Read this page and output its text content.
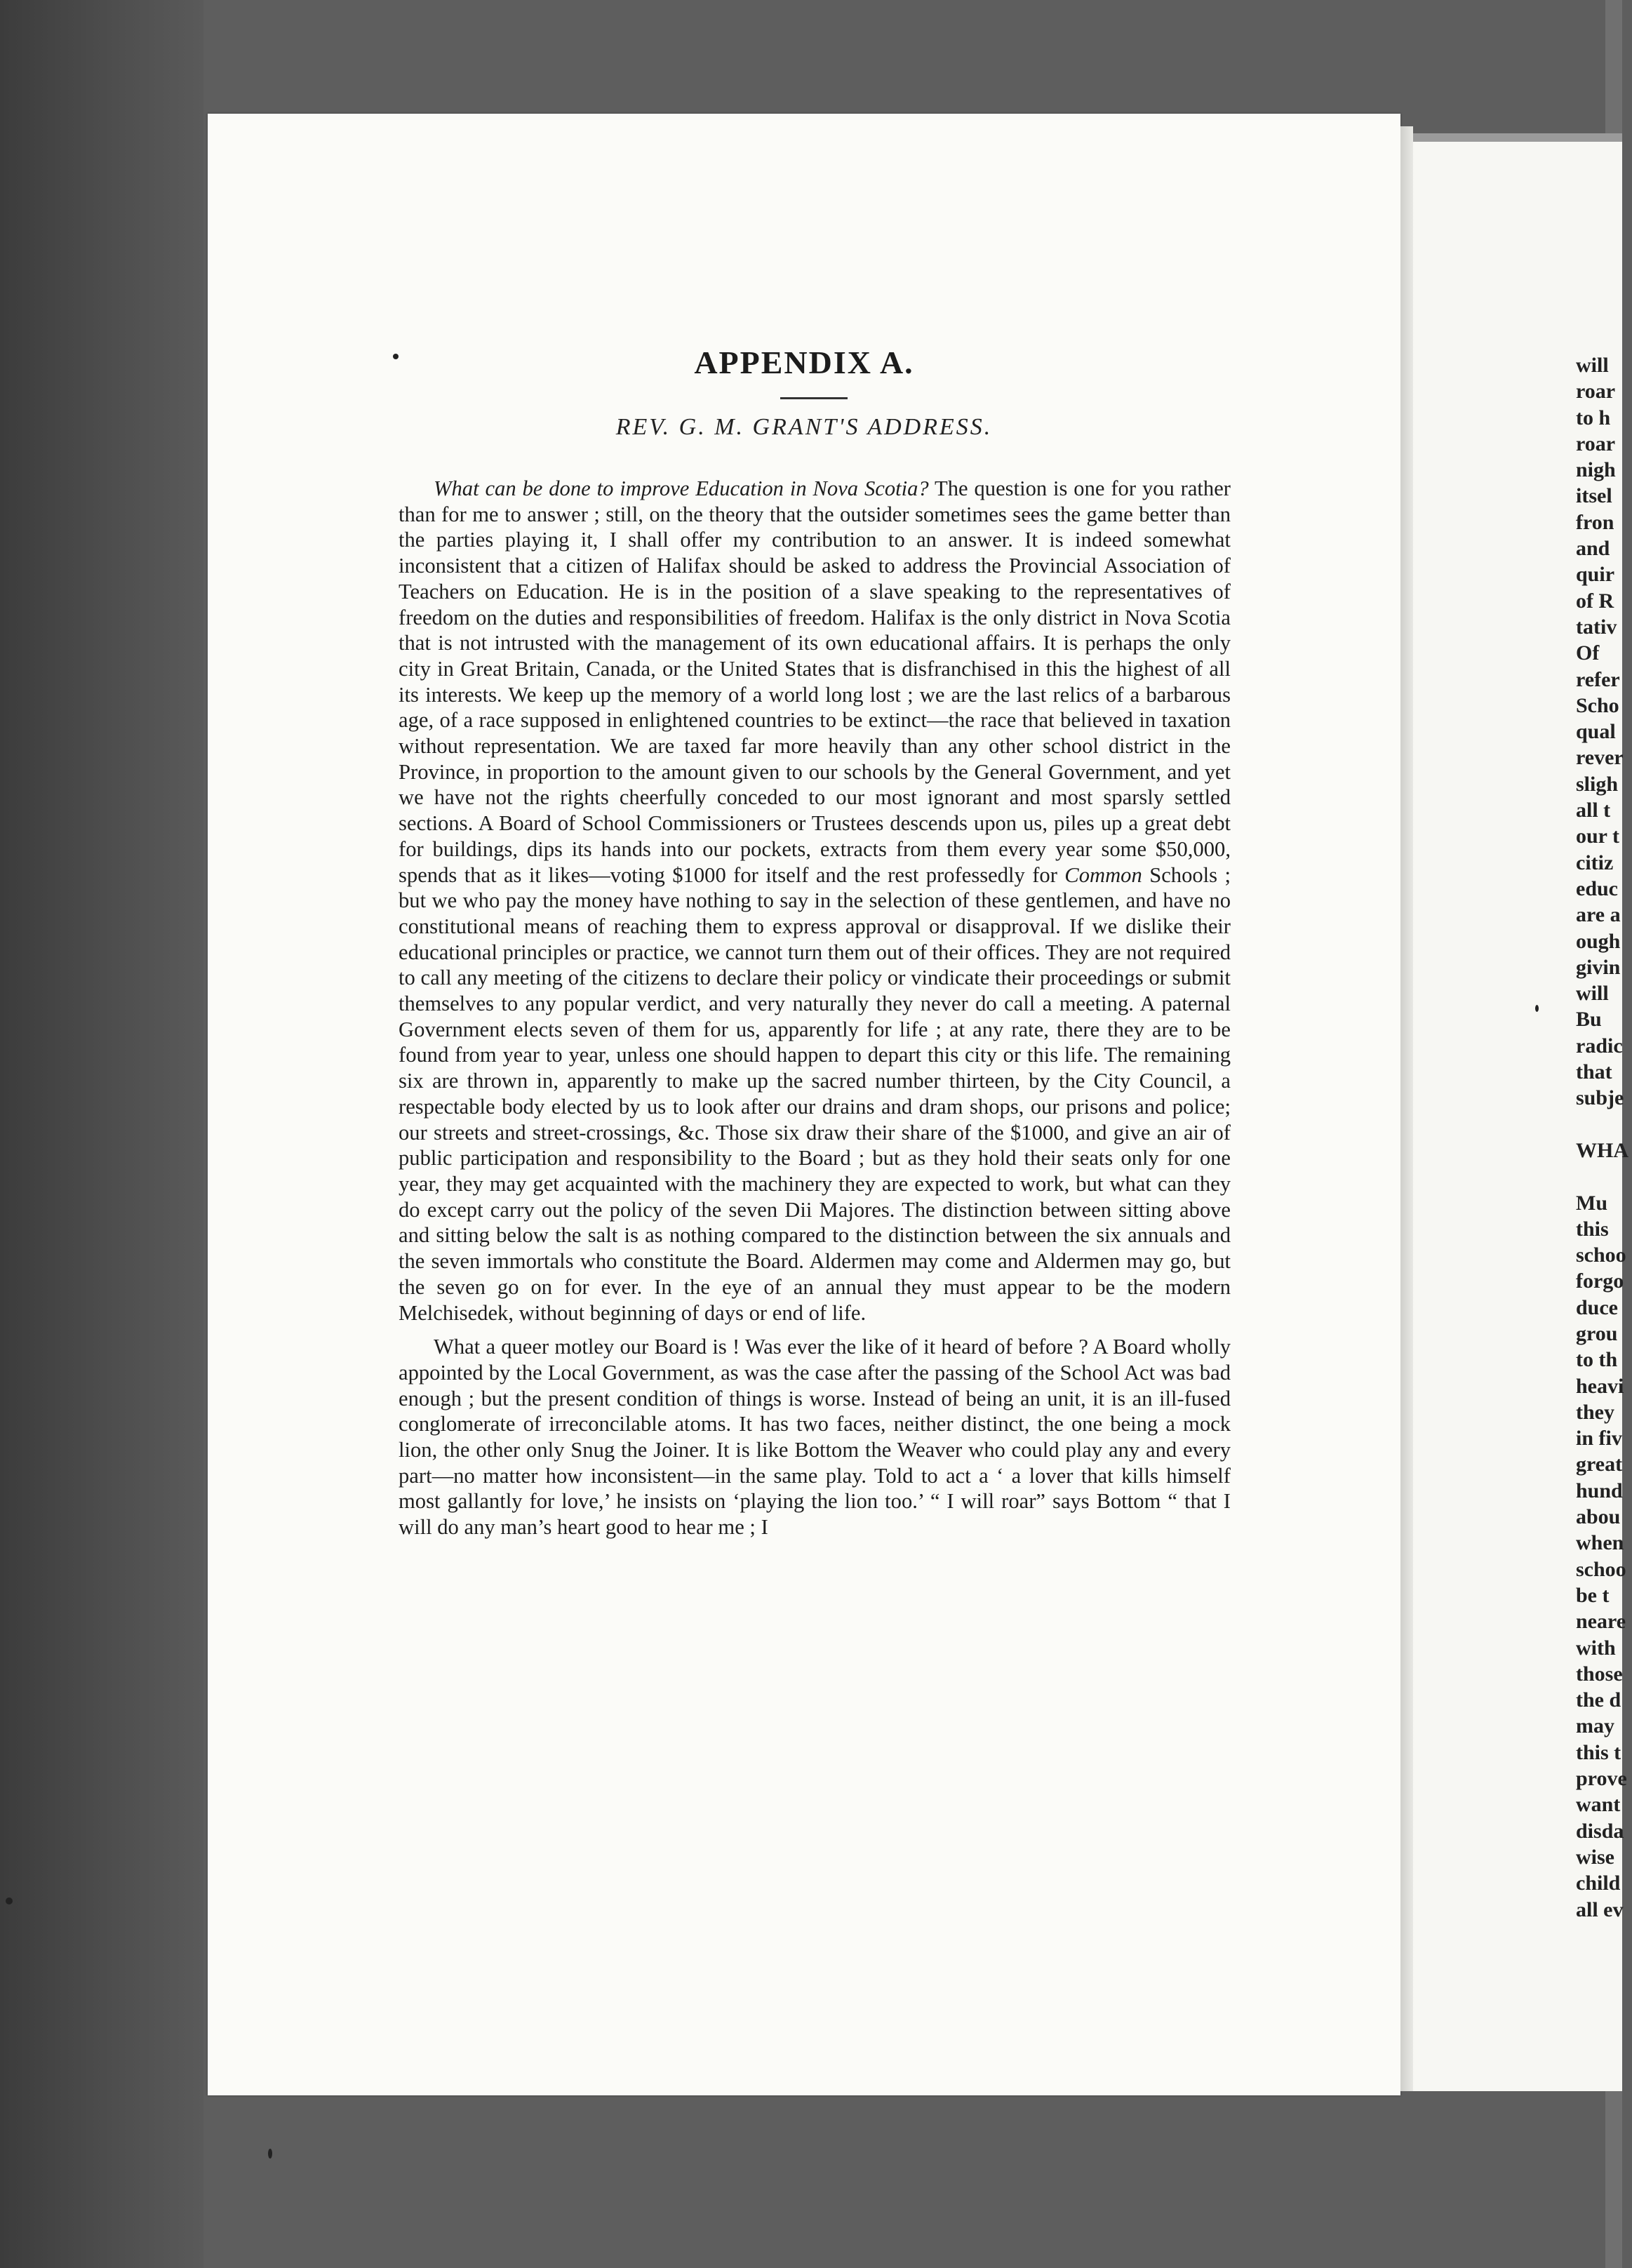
will
roar
to h
roar
nigh
itsel
fron
and
quir
of R
tativ
Of
refer
Scho
qual
rever
sligh
all t
our t
citiz
educ
are a
ough
givin
will
Bu
radic
that
subje
WHA
Mu
this
schoo
forgo
duce
grou
to th
heavi
they
in fiv
great
hund
abou
when
schoo
be t
neare
with
those
the d
may
this t
prove
want
disda
wise
child
all ev
APPENDIX A.
REV. G. M. GRANT'S ADDRESS.

What can be done to improve Education in Nova Scotia? The question is one for you rather than for me to answer ; still, on the theory that the outsider sometimes sees the game better than the parties playing it, I shall offer my contribution to an answer. It is indeed somewhat inconsistent that a citizen of Halifax should be asked to address the Provincial Association of Teachers on Education. He is in the position of a slave speaking to the representatives of freedom on the duties and responsibilities of freedom. Halifax is the only district in Nova Scotia that is not intrusted with the management of its own educational affairs. It is perhaps the only city in Great Britain, Canada, or the United States that is disfranchised in this the highest of all its interests. We keep up the memory of a world long lost ; we are the last relics of a barbarous age, of a race supposed in enlightened countries to be extinct—the race that believed in taxation without representation. We are taxed far more heavily than any other school district in the Province, in proportion to the amount given to our schools by the General Government, and yet we have not the rights cheerfully conceded to our most ignorant and most sparsly settled sections. A Board of School Commissioners or Trustees descends upon us, piles up a great debt for buildings, dips its hands into our pockets, extracts from them every year some $50,000, spends that as it likes—voting $1000 for itself and the rest professedly for Common Schools ; but we who pay the money have nothing to say in the selection of these gentlemen, and have no constitutional means of reaching them to express approval or disapproval. If we dislike their educational principles or practice, we cannot turn them out of their offices. They are not required to call any meeting of the citizens to declare their policy or vindicate their proceedings or submit themselves to any popular verdict, and very naturally they never do call a meeting. A paternal Government elects seven of them for us, apparently for life ; at any rate, there they are to be found from year to year, unless one should happen to depart this city or this life. The remaining six are thrown in, apparently to make up the sacred number thirteen, by the City Council, a respectable body elected by us to look after our drains and dram shops, our prisons and police; our streets and street-crossings, &c. Those six draw their share of the $1000, and give an air of public participation and responsibility to the Board ; but as they hold their seats only for one year, they may get acquainted with the machinery they are expected to work, but what can they do except carry out the policy of the seven Dii Majores. The distinction between sitting above and sitting below the salt is as nothing compared to the distinction between the six annuals and the seven immortals who constitute the Board. Aldermen may come and Aldermen may go, but the seven go on for ever. In the eye of an annual they must appear to be the modern Melchisedek, without beginning of days or end of life.

What a queer motley our Board is ! Was ever the like of it heard of before ? A Board wholly appointed by the Local Government, as was the case after the passing of the School Act was bad enough ; but the present condition of things is worse. Instead of being an unit, it is an ill-fused conglomerate of irreconcilable atoms. It has two faces, neither distinct, the one being a mock lion, the other only Snug the Joiner. It is like Bottom the Weaver who could play any and every part—no matter how inconsistent—in the same play. Told to act a ‘ a lover that kills himself most gallantly for love,’ he insists on ‘playing the lion too.’ “ I will roar” says Bottom “ that I will do any man’s heart good to hear me ; I
